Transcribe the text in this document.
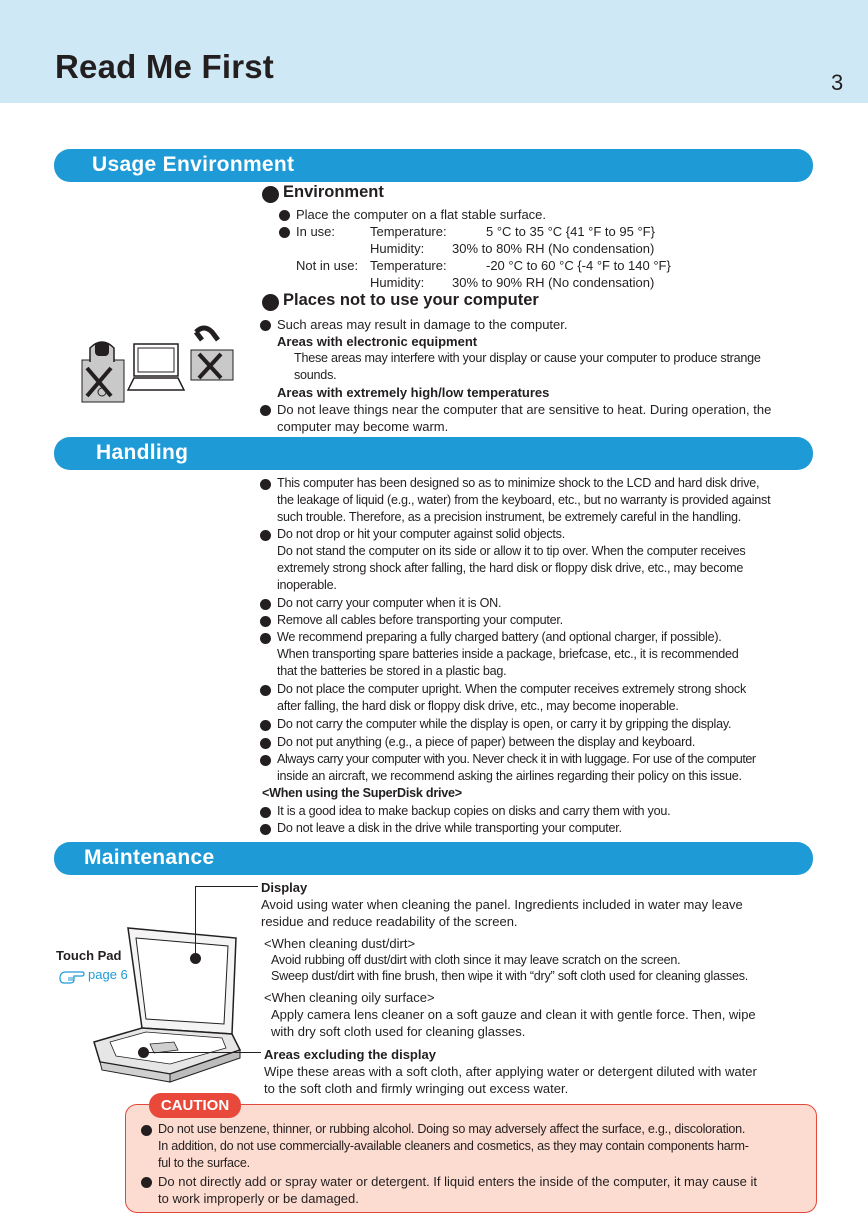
Read Me First	3
Usage Environment
Environment
Place the computer on a flat stable surface.
In use:	Temperature:	5 °C to 35 °C {41 °F to 95 °F}
Humidity: 30% to 80% RH (No condensation)
Not in use: Temperature:	-20 °C to 60 °C {-4 °F to 140 °F}
Humidity: 30% to 90% RH (No condensation)
Places not to use your computer
Such areas may result in damage to the computer.
Areas with electronic equipment
These areas may interfere with your display or cause your computer to produce strange
sounds.
Areas with extremely high/low temperatures
Do not leave things near the computer that are sensitive to heat. During operation, the
computer may become warm.
Handling
This computer has been designed so as to minimize shock to the LCD and hard disk drive,
the leakage of liquid (e.g., water) from the keyboard, etc., but no warranty is provided against
such trouble. Therefore, as a precision instrument, be extremely careful in the handling.
Do not drop or hit your computer against solid objects.
Do not stand the computer on its side or allow it to tip over. When the computer receives
extremely strong shock after falling, the hard disk or floppy disk drive, etc., may become
inoperable.
Do not carry your computer when it is ON.
Remove all cables before transporting your computer.
We recommend preparing a fully charged battery (and optional charger, if possible).
When transporting spare batteries inside a package, briefcase, etc., it is recommended
that the batteries be stored in a plastic bag.
Do not place the computer upright. When the computer receives extremely strong shock
after falling, the hard disk or floppy disk drive, etc., may become inoperable.
Do not carry the computer while the display is open, or carry it by gripping the display.
Do not put anything (e.g., a piece of paper) between the display and keyboard.
Always carry your computer with you. Never check it in with luggage. For use of the computer
inside an aircraft, we recommend asking the airlines regarding their policy on this issue.
<When using the SuperDisk drive>
It is a good idea to make backup copies on disks and carry them with you.
Do not leave a disk in the drive while transporting your computer.
Maintenance
Touch Pad
page 6
Display
Avoid using water when cleaning the panel. Ingredients included in water may leave
residue and reduce readability of the screen.
<When cleaning dust/dirt>
Avoid rubbing off dust/dirt with cloth since it may leave scratch on the screen.
Sweep dust/dirt with fine brush, then wipe it with “dry” soft cloth used for cleaning glasses.
<When cleaning oily surface>
Apply camera lens cleaner on a soft gauze and clean it with gentle force. Then, wipe
with dry soft cloth used for cleaning glasses.
Areas excluding the display
Wipe these areas with a soft cloth, after applying water or detergent diluted with water
to the soft cloth and firmly wringing out excess water.
CAUTION
Do not use benzene, thinner, or rubbing alcohol. Doing so may adversely affect the surface, e.g., discoloration.
In addition, do not use commercially-available cleaners and cosmetics, as they may contain components harm-
ful to the surface.
Do not directly add or spray water or detergent. If liquid enters the inside of the computer, it may cause it
to work improperly or be damaged.
